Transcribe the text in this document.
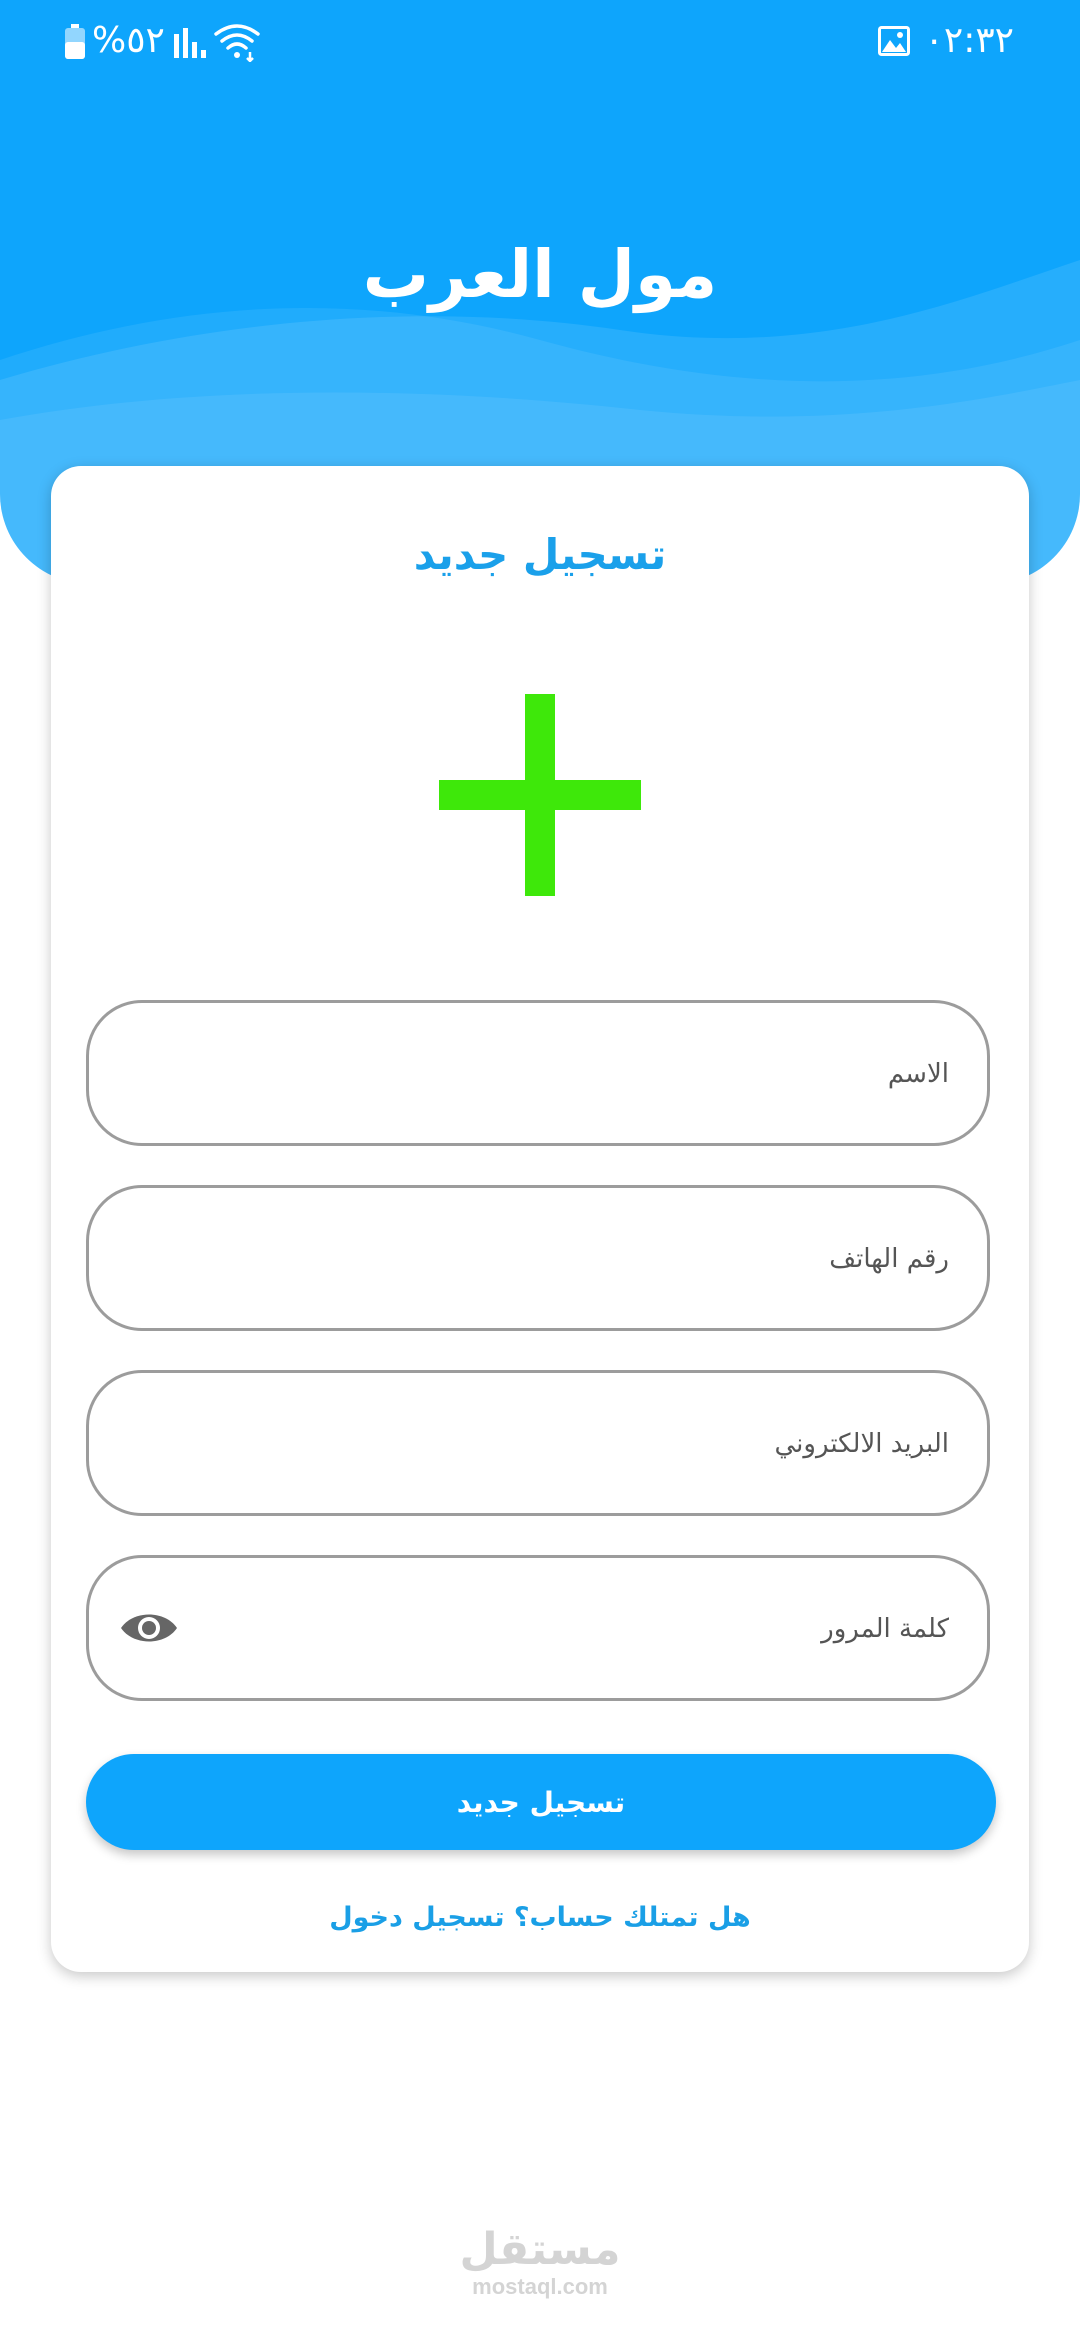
%٥٢	٠٢:٣٢
مول العرب
تسجيل جديد
الاسم
رقم الهاتف
البريد الالكتروني
تسجيل جديد
هل تمتلك حساب؟ تسجيل دخول
مستقل
mostaql.com
